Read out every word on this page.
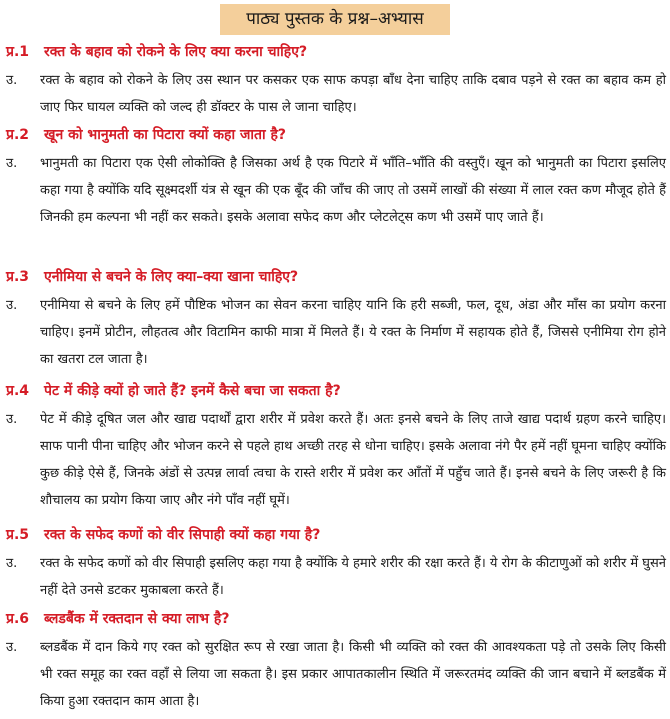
पाठ्य पुस्तक के प्रश्न–अभ्यास
प्र.1 रक्त के बहाव को रोकने के लिए क्या करना चाहिए?
उ. रक्त के बहाव को रोकने के लिए उस स्थान पर कसकर एक साफ कपड़ा बाँध देना चाहिए ताकि दबाव पड़ने से रक्त का बहाव कम हो जाए फिर घायल व्यक्ति को जल्द ही डॉक्टर के पास ले जाना चाहिए।
प्र.2 खून को भानुमती का पिटारा क्यों कहा जाता है?
उ. भानुमती का पिटारा एक ऐसी लोकोक्ति है जिसका अर्थ है एक पिटारे में भाँति–भाँति की वस्तुएँ। खून को भानुमती का पिटारा इसलिए कहा गया है क्योंकि यदि सूक्ष्मदर्शी यंत्र से खून की एक बूँद की जाँच की जाए तो उसमें लाखों की संख्या में लाल रक्त कण मौजूद होते हैं जिनकी हम कल्पना भी नहीं कर सकते। इसके अलावा सफेद कण और प्लेटलेट्स कण भी उसमें पाए जाते हैं।
प्र.3 एनीमिया से बचने के लिए क्या–क्या खाना चाहिए?
उ. एनीमिया से बचने के लिए हमें पौष्टिक भोजन का सेवन करना चाहिए यानि कि हरी सब्जी, फल, दूध, अंडा और माँस का प्रयोग करना चाहिए। इनमें प्रोटीन, लौहतत्व और विटामिन काफी मात्रा में मिलते हैं। ये रक्त के निर्माण में सहायक होते हैं, जिससे एनीमिया रोग होने का खतरा टल जाता है।
प्र.4 पेट में कीड़े क्यों हो जाते हैं? इनमें कैसे बचा जा सकता है?
उ. पेट में कीड़े दूषित जल और खाद्य पदार्थों द्वारा शरीर में प्रवेश करते हैं। अतः इनसे बचने के लिए ताजे खाद्य पदार्थ ग्रहण करने चाहिए। साफ पानी पीना चाहिए और भोजन करने से पहले हाथ अच्छी तरह से धोना चाहिए। इसके अलावा नंगे पैर हमें नहीं घूमना चाहिए क्योंकि कुछ कीड़े ऐसे हैं, जिनके अंडों से उत्पन्न लार्वा त्वचा के रास्ते शरीर में प्रवेश कर आँतों में पहुँच जाते हैं। इनसे बचने के लिए जरूरी है कि शौचालय का प्रयोग किया जाए और नंगे पाँव नहीं घूमें।
प्र.5 रक्त के सफेद कणों को वीर सिपाही क्यों कहा गया है?
उ. रक्त के सफेद कणों को वीर सिपाही इसलिए कहा गया है क्योंकि ये हमारे शरीर की रक्षा करते हैं। ये रोग के कीटाणुओं को शरीर में घुसने नहीं देते उनसे डटकर मुकाबला करते हैं।
प्र.6 ब्लडबैंक में रक्तदान से क्या लाभ है?
उ. ब्लडबैंक में दान किये गए रक्त को सुरक्षित रूप से रखा जाता है। किसी भी व्यक्ति को रक्त की आवश्यकता पड़े तो उसके लिए किसी भी रक्त समूह का रक्त वहाँ से लिया जा सकता है। इस प्रकार आपातकालीन स्थिति में जरूरतमंद व्यक्ति की जान बचाने में ब्लडबैंक में किया हुआ रक्तदान काम आता है।
